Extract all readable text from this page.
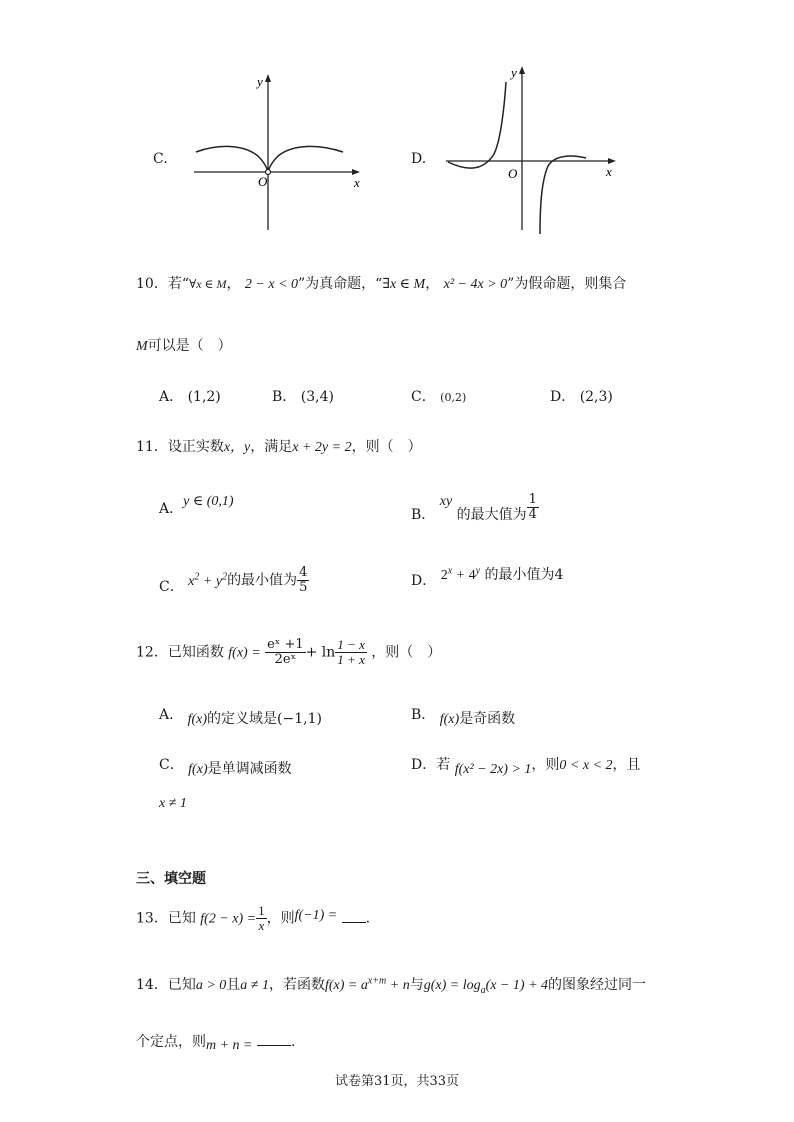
C.
O	x
y
D.
O	x
y
10．若“∀x ∈ M， 2 − x < 0”为真命题，“∃x ∈ M， x² − 4x > 0”为假命题，则集合
M可以是（　）
A． (1,2)	B． (3,4)	C． (0,2)	D． (2,3)
11．设正实数x，y，满足x + 2y = 2，则（　）
A．y ∈ (0,1)
B． xy 的最大值为 $\frac{1}{4}$
C． $x^2 + y^2$的最小值为 $\frac{4}{5}$	D． $2^x + 4^y$ 的最小值为4
12．已知函数 $f(x) = \frac{\text{eˣ +1}}{\text{2eˣ}} + \ln \frac{1 - x}{1 + x}$ ，则（　）
A． f(x)的定义域是(−1,1)	B． f(x)是奇函数
C． f(x)是单调减函数	D．若 f(x² − 2x) > 1，则0 < x < 2，且
x ≠ 1
三、填空题
13．已知 $f(2 - x) = \frac{1}{x}$ ，则f(−1) = .
14．已知a > 0且a ≠ 1，若函数$f(x) = a^{x+m} + n$与$g(x) = \log_a(x - 1) + 4$的图象经过同一
个定点，则m + n =	.
试卷第31页，共33页
